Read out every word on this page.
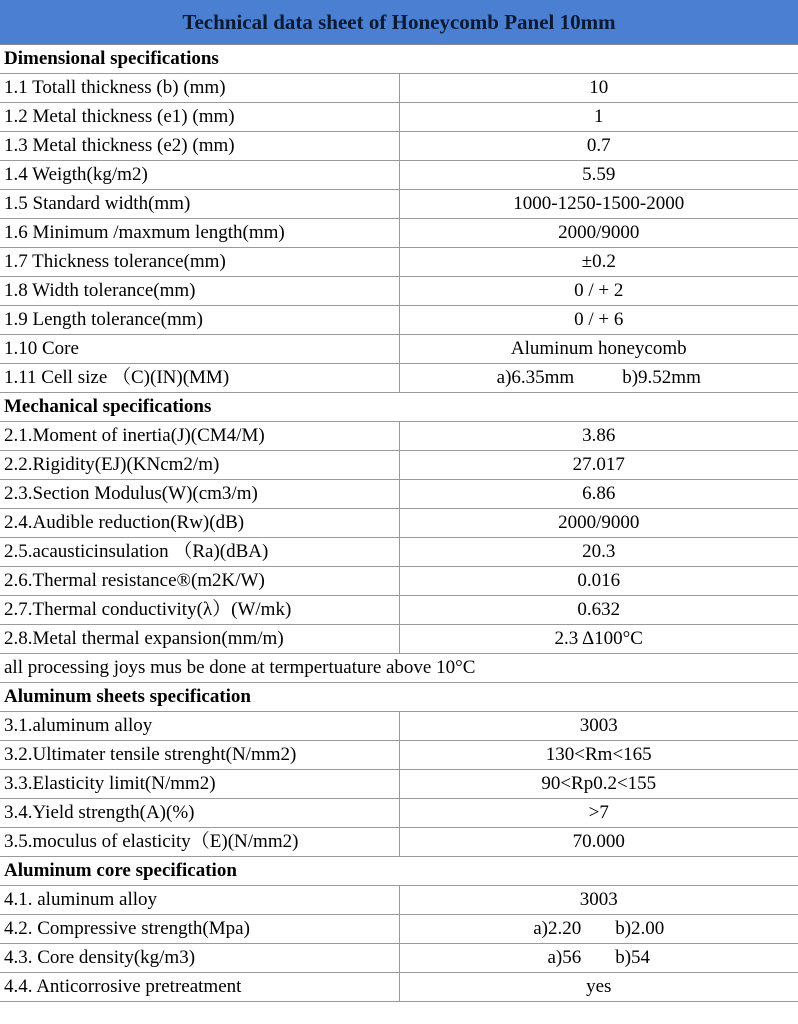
Technical data sheet of Honeycomb Panel 10mm
Dimensional specifications	
1.1 Totall thickness (b) (mm)	10
1.2 Metal thickness (e1) (mm)	1
1.3 Metal thickness (e2) (mm)	0.7
1.4 Weigth(kg/m2)	5.59
1.5 Standard width(mm)	1000-1250-1500-2000
1.6 Minimum /maxmum length(mm)	2000/9000
1.7 Thickness tolerance(mm)	±0.2
1.8 Width tolerance(mm)	0 / + 2
1.9 Length tolerance(mm)	0 / + 6
1.10 Core	Aluminum honeycomb
1.11 Cell size （C)(IN)(MM)	a)6.35mm b)9.52mm

Mechanical specifications	
2.1.Moment of inertia(J)(CM4/M)	3.86
2.2.Rigidity(EJ)(KNcm2/m)	27.017
2.3.Section Modulus(W)(cm3/m)	6.86
2.4.Audible reduction(Rw)(dB)	2000/9000
2.5.acausticinsulation （Ra)(dBA)	20.3
2.6.Thermal resistance®(m2K/W)	0.016
2.7.Thermal conductivity(λ）(W/mk)	0.632
2.8.Metal thermal expansion(mm/m)	2.3 Δ100°C
all processing joys mus be done at termpertuature above 10°C	
Aluminum sheets specification	
3.1.aluminum alloy	3003
3.2.Ultimater tensile strenght(N/mm2)	130<Rm<165
3.3.Elasticity limit(N/mm2)	90<Rp0.2<155
3.4.Yield strength(A)(%)	>7
3.5.moculus of elasticity（E)(N/mm2)	70.000
Aluminum core specification	
4.1. aluminum alloy	3003
4.2. Compressive strength(Mpa)	a)2.20 b)2.00

4.3. Core density(kg/m3)	a)56 b)54

4.4. Anticorrosive pretreatment	yes
